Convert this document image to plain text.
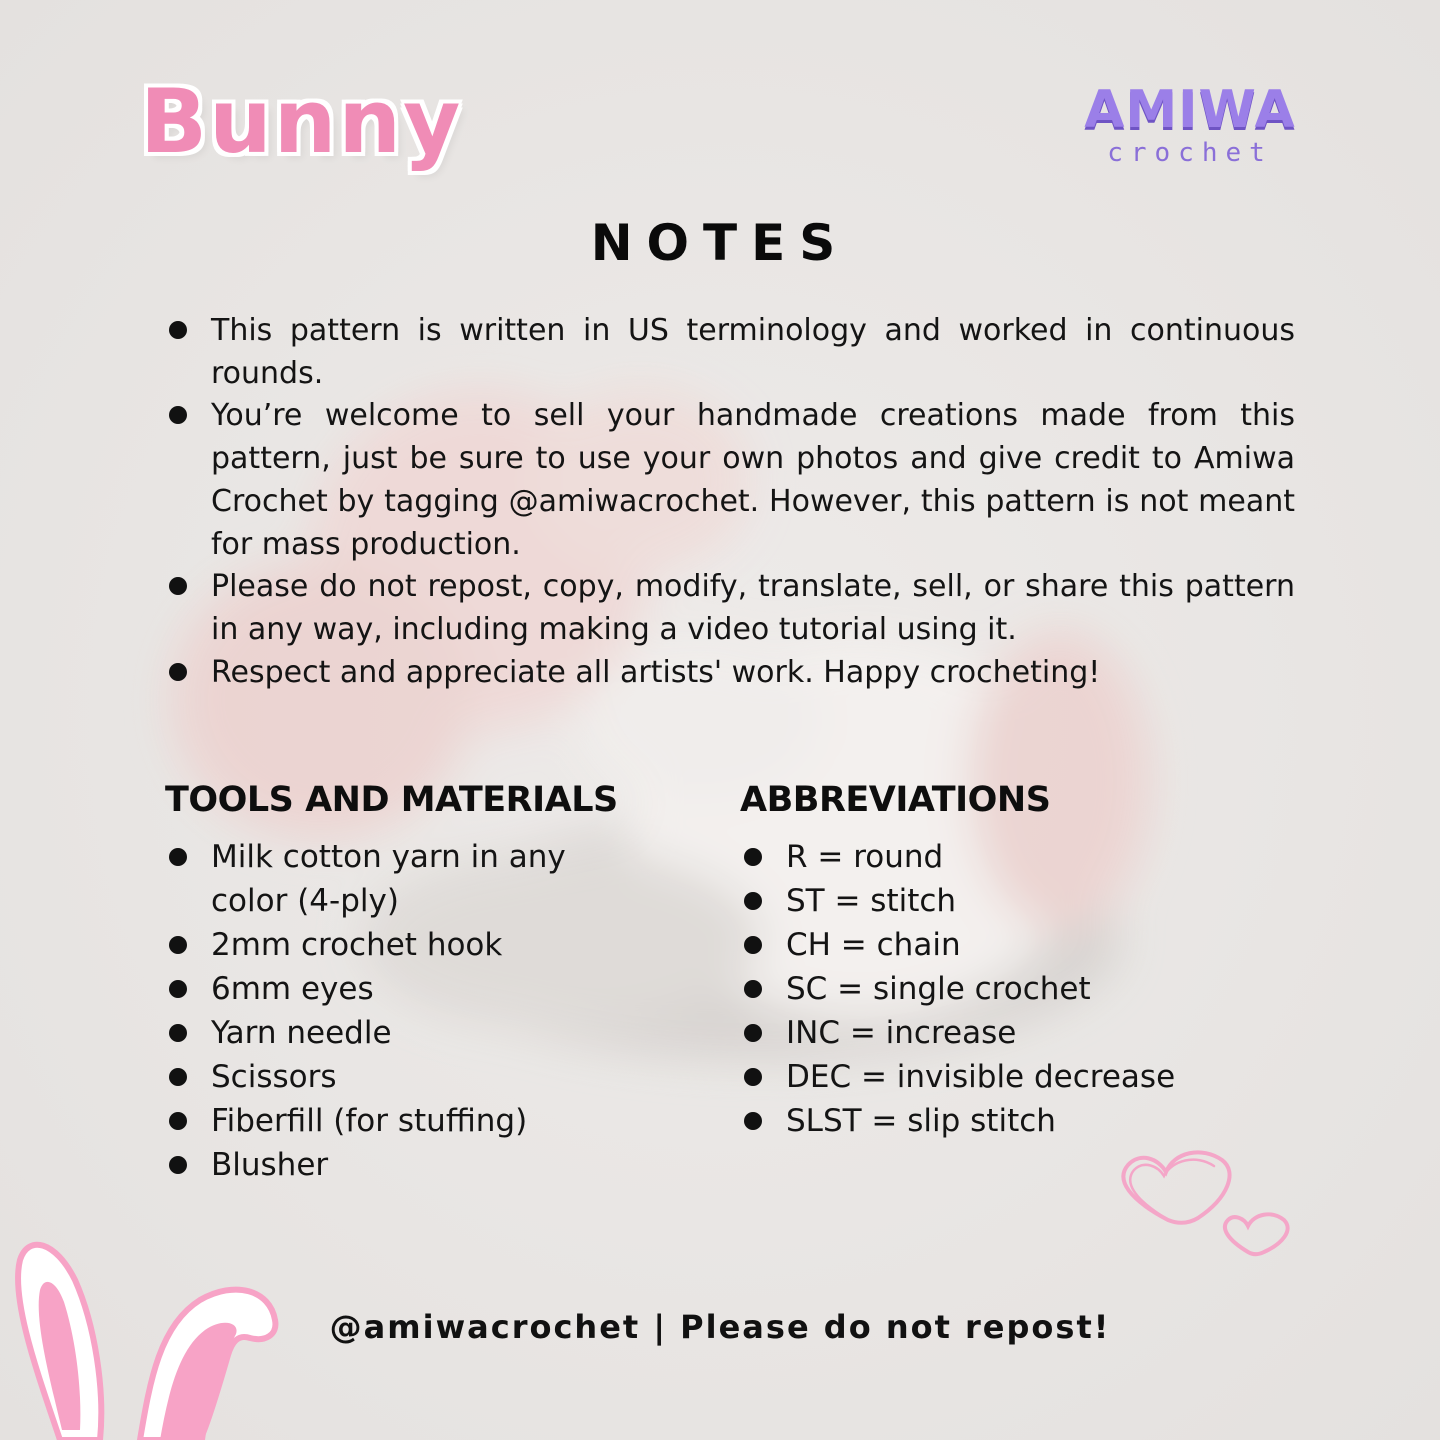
Bunny	AMIWA
crochet
NOTES
This pattern is written in US terminology and worked in continuous rounds.
You’re welcome to sell your handmade creations made from this pattern, just be sure to use your own photos and give credit to Amiwa Crochet by tagging @amiwacrochet. However, this pattern is not meant for mass production.
Please do not repost, copy, modify, translate, sell, or share this pattern in any way, including making a video tutorial using it.
Respect and appreciate all artists' work. Happy crocheting!
TOOLS AND MATERIALS
Milk cotton yarn in any color (4-ply)
2mm crochet hook
6mm eyes
Yarn needle
Scissors
Fiberfill (for stuffing)
Blusher
ABBREVIATIONS
R = round
ST = stitch
CH = chain
SC = single crochet
INC = increase
DEC = invisible decrease
SLST = slip stitch
@amiwacrochet | Please do not repost!
